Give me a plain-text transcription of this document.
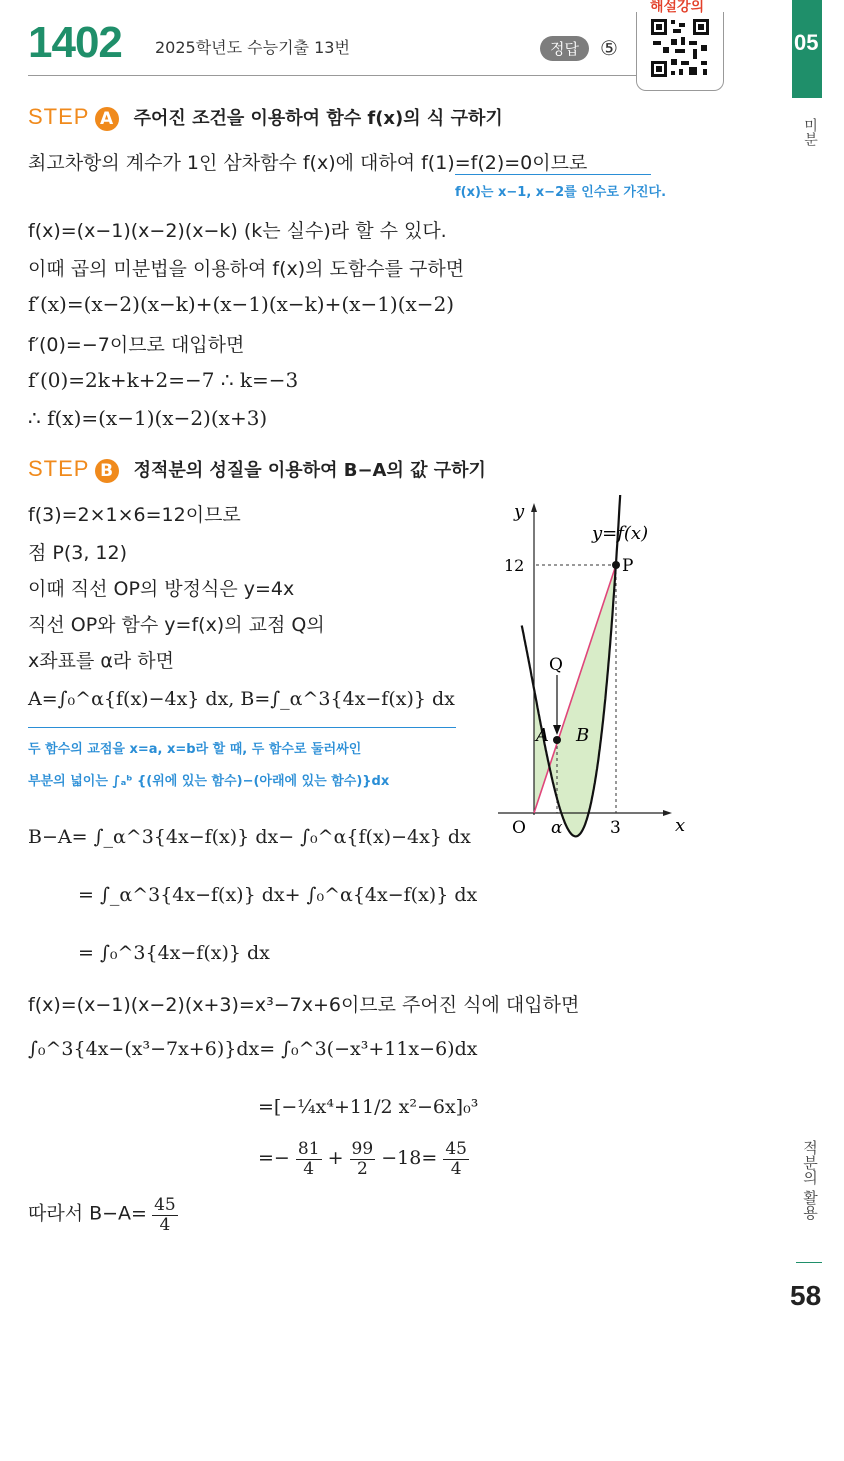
1402 2025학년도 수능기출 13번	정답	⑤
해설강의
05
미분
STEP A 주어진 조건을 이용하여 함수 f(x)의 식 구하기
최고차항의 계수가 1인 삼차함수 f(x)에 대하여 f(1)=f(2)=0이므로
f(x)는 x−1, x−2를 인수로 가진다.
f(x)=(x−1)(x−2)(x−k) (k는 실수)라 할 수 있다.
이때 곱의 미분법을 이용하여 f(x)의 도함수를 구하면
f′(x)=(x−2)(x−k)+(x−1)(x−k)+(x−1)(x−2)
f′(0)=−7이므로 대입하면
f′(0)=2k+k+2=−7 ∴ k=−3
∴ f(x)=(x−1)(x−2)(x+3)
STEP B 정적분의 성질을 이용하여 B−A의 값 구하기
f(3)=2×1×6=12이므로
점 P(3, 12)
이때 직선 OP의 방정식은 y=4x
직선 OP와 함수 y=f(x)의 교점 Q의
x좌표를 α라 하면
A=∫₀^α{f(x)−4x} dx, B=∫_α^3{4x−f(x)} dx
두 함수의 교점을 x=a, x=b라 할 때, 두 함수로 둘러싸인
부분의 넓이는 ∫ₐᵇ {(위에 있는 함수)−(아래에 있는 함수)}dx
B−A= ∫_α^3{4x−f(x)} dx− ∫₀^α{f(x)−4x} dx
= ∫_α^3{4x−f(x)} dx+ ∫₀^α{4x−f(x)} dx
= ∫₀^3{4x−f(x)} dx
f(x)=(x−1)(x−2)(x+3)=x³−7x+6이므로 주어진 식에 대입하면
∫₀^3{4x−(x³−7x+6)}dx= ∫₀^3(−x³+11x−6)dx
=[−¼x⁴+11/2 x²−6x]₀³
=− $\frac{81}{4} + \frac{99}{2} -18= \frac{45}{4}$
따라서 $B-A= \frac{45}{4}$
y
x
O
y=f(x)
12	P
Q
A B
α	3
적분의 활용
58
